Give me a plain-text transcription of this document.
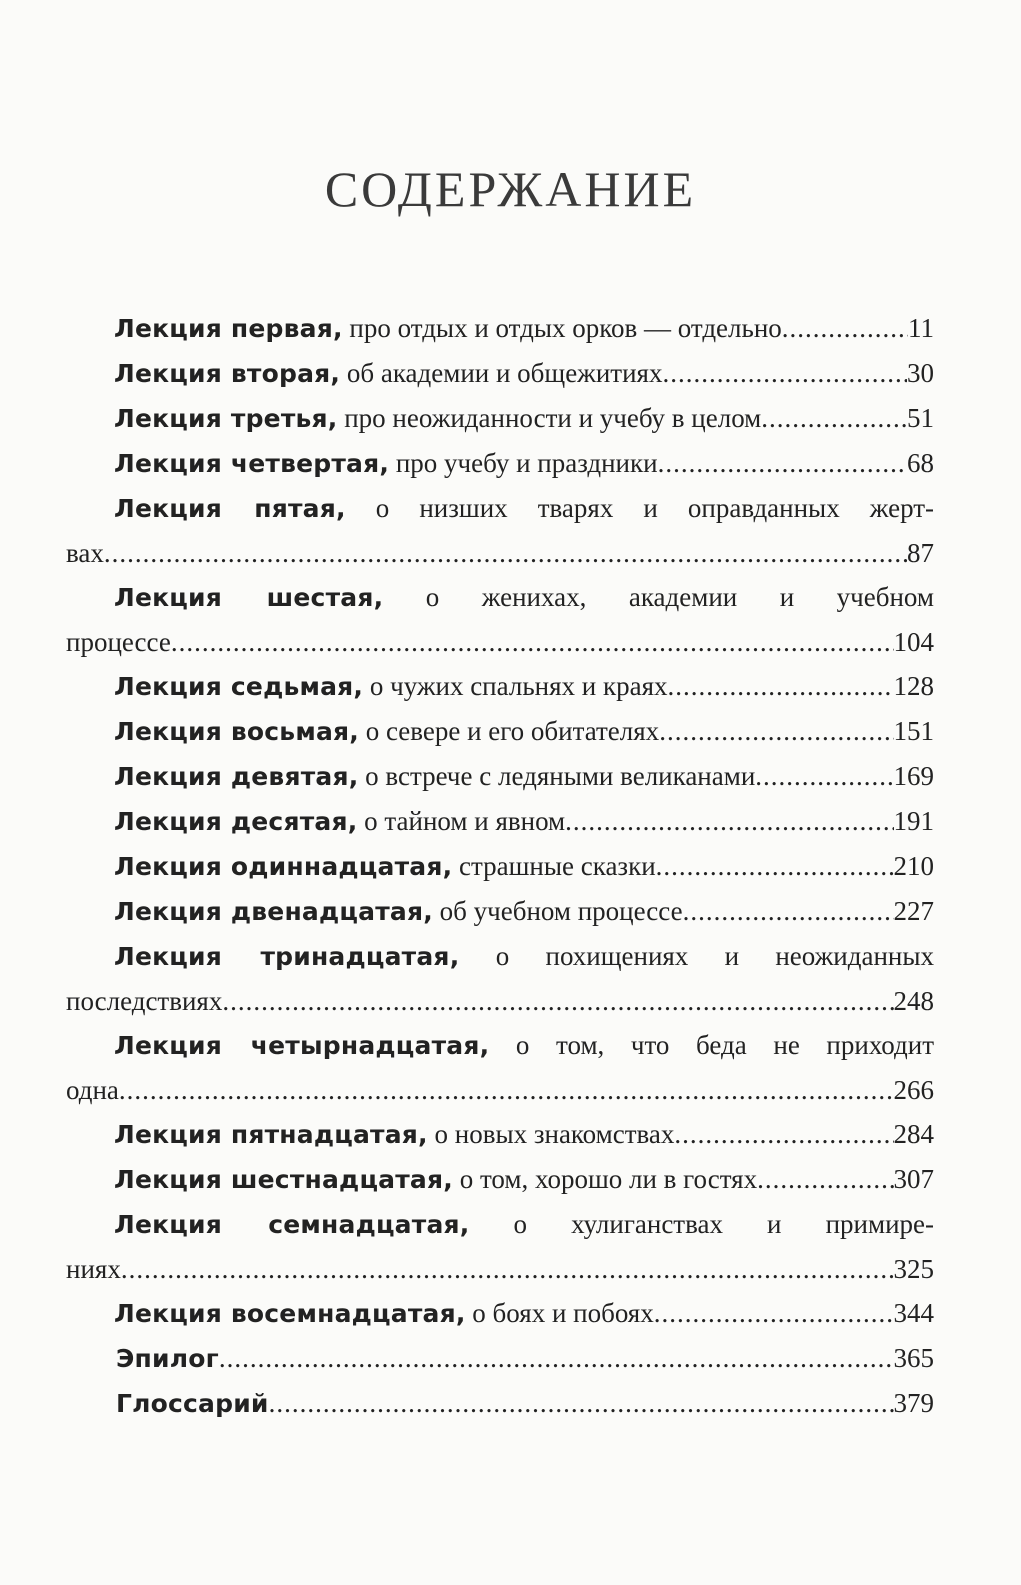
СОДЕРЖАНИЕ
Лекция первая, про отдых и отдых орков — отдельно .....	11
Лекция вторая, об академии и общежитиях .....	30
Лекция третья, про неожиданности и учебу в целом .....	51
Лекция четвертая, про учебу и праздники .....	68
Лекция пятая, о низших тварях и оправданных жерт-
вах .....	87
Лекция шестая, о женихах, академии и учебном
процессе .....	104
Лекция седьмая, о чужих спальнях и краях .....	128
Лекция восьмая, о севере и его обитателях .....	151
Лекция девятая, о встрече с ледяными великанами .....	169
Лекция десятая, о тайном и явном .....	191
Лекция одиннадцатая, страшные сказки .....	210
Лекция двенадцатая, об учебном процессе .....	227
Лекция тринадцатая, о похищениях и неожиданных
последствиях .....	248
Лекция четырнадцатая, о том, что беда не приходит
одна .....	266
Лекция пятнадцатая, о новых знакомствах .....	284
Лекция шестнадцатая, о том, хорошо ли в гостях .....	307
Лекция семнадцатая, о хулиганствах и примире-
ниях .....	325
Лекция восемнадцатая, о боях и побоях .....	344
Эпилог .....	365
Глоссарий .....	379
